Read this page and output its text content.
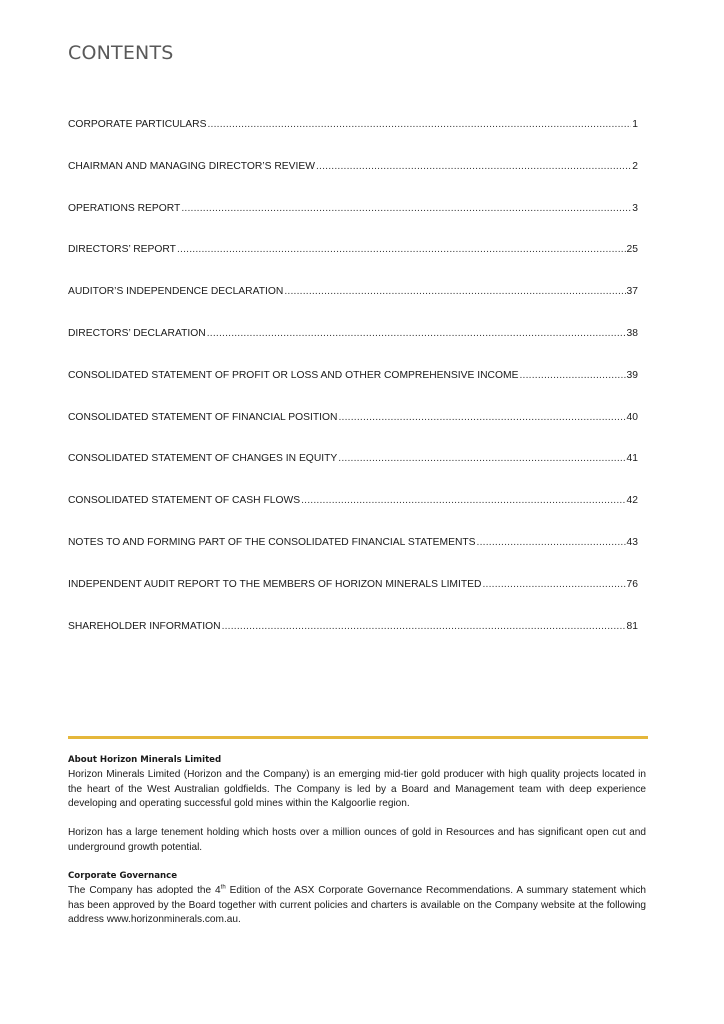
CONTENTS
CORPORATE PARTICULARS .....	1
CHAIRMAN AND MANAGING DIRECTOR’S REVIEW .....	2
OPERATIONS REPORT .....	3
DIRECTORS’ REPORT .....	25
AUDITOR’S INDEPENDENCE DECLARATION .....	37
DIRECTORS’ DECLARATION .....	38
CONSOLIDATED STATEMENT OF PROFIT OR LOSS AND OTHER COMPREHENSIVE INCOME .....	39
CONSOLIDATED STATEMENT OF FINANCIAL POSITION .....	40
CONSOLIDATED STATEMENT OF CHANGES IN EQUITY .....	41
CONSOLIDATED STATEMENT OF CASH FLOWS .....	42
NOTES TO AND FORMING PART OF THE CONSOLIDATED FINANCIAL STATEMENTS .....	43
INDEPENDENT AUDIT REPORT TO THE MEMBERS OF HORIZON MINERALS LIMITED .....	76
SHAREHOLDER INFORMATION .....	81

About Horizon Minerals Limited

Horizon Minerals Limited (Horizon and the Company) is an emerging mid-tier gold producer with high quality projects located in the heart of the West Australian goldfields. The Company is led by a Board and Management team with deep experience developing and operating successful gold mines within the Kalgoorlie region.

Horizon has a large tenement holding which hosts over a million ounces of gold in Resources and has significant open cut and underground growth potential.

Corporate Governance

The Company has adopted the 4th Edition of the ASX Corporate Governance Recommendations. A summary statement which has been approved by the Board together with current policies and charters is available on the Company website at the following address www.horizonminerals.com.au.
